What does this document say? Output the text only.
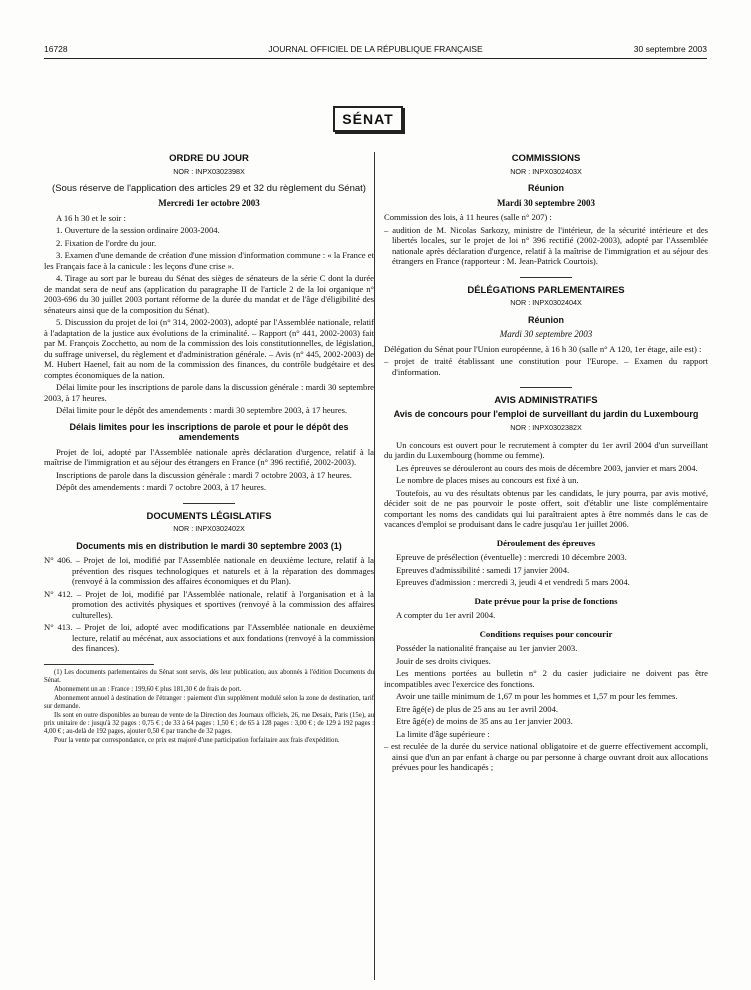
16728	JOURNAL OFFICIEL DE LA RÉPUBLIQUE FRANÇAISE	30 septembre 2003
SÉNAT
ORDRE DU JOUR
NOR : INPX0302398X
(Sous réserve de l'application des articles 29 et 32 du règlement du Sénat)
Mercredi 1er octobre 2003

A 16 h 30 et le soir :

1. Ouverture de la session ordinaire 2003-2004.

2. Fixation de l'ordre du jour.

3. Examen d'une demande de création d'une mission d'information commune : « la France et les Français face à la canicule : les leçons d'une crise ».

4. Tirage au sort par le bureau du Sénat des sièges de sénateurs de la série C dont la durée de mandat sera de neuf ans (application du paragraphe II de l'article 2 de la loi organique n° 2003-696 du 30 juillet 2003 portant réforme de la durée du mandat et de l'âge d'éligibilité des sénateurs ainsi que de la composition du Sénat).

5. Discussion du projet de loi (n° 314, 2002-2003), adopté par l'Assemblée nationale, relatif à l'adaptation de la justice aux évolutions de la criminalité. – Rapport (n° 441, 2002-2003) fait par M. François Zocchetto, au nom de la commission des lois constitutionnelles, de législation, du suffrage universel, du règlement et d'administration générale. – Avis (n° 445, 2002-2003) de M. Hubert Haenel, fait au nom de la commission des finances, du contrôle budgétaire et des comptes économiques de la nation.

Délai limite pour les inscriptions de parole dans la discussion générale : mardi 30 septembre 2003, à 17 heures.

Délai limite pour le dépôt des amendements : mardi 30 septembre 2003, à 17 heures.

Délais limites pour les inscriptions de parole et pour le dépôt des amendements

Projet de loi, adopté par l'Assemblée nationale après déclaration d'urgence, relatif à la maîtrise de l'immigration et au séjour des étrangers en France (n° 396 rectifié, 2002-2003).

Inscriptions de parole dans la discussion générale : mardi 7 octobre 2003, à 17 heures.

Dépôt des amendements : mardi 7 octobre 2003, à 17 heures.

DOCUMENTS LÉGISLATIFS
NOR : INPX0302402X
Documents mis en distribution le mardi 30 septembre 2003 (1)

N° 406. – Projet de loi, modifié par l'Assemblée nationale en deuxième lecture, relatif à la prévention des risques technologiques et naturels et à la réparation des dommages (renvoyé à la commission des affaires économiques et du Plan).

N° 412. – Projet de loi, modifié par l'Assemblée nationale, relatif à l'organisation et à la promotion des activités physiques et sportives (renvoyé à la commission des affaires culturelles).

N° 413. – Projet de loi, adopté avec modifications par l'Assemblée nationale en deuxième lecture, relatif au mécénat, aux associations et aux fondations (renvoyé à la commission des finances).

(1) Les documents parlementaires du Sénat sont servis, dès leur publication, aux abonnés à l'édition Documents du Sénat.

Abonnement un an : France : 199,60 € plus 181,30 € de frais de port.

Abonnement annuel à destination de l'étranger : paiement d'un supplément modulé selon la zone de destination, tarif sur demande.

Ils sont en outre disponibles au bureau de vente de la Direction des Journaux officiels, 26, rue Desaix, Paris (15e), au prix unitaire de : jusqu'à 32 pages : 0,75 € ; de 33 à 64 pages : 1,50 € ; de 65 à 128 pages : 3,00 € ; de 129 à 192 pages : 4,00 € ; au-delà de 192 pages, ajouter 0,50 € par tranche de 32 pages.

Pour la vente par correspondance, ce prix est majoré d'une participation forfaitaire aux frais d'expédition.

COMMISSIONS
NOR : INPX0302403X
Réunion
Mardi 30 septembre 2003

Commission des lois, à 11 heures (salle n° 207) :

– audition de M. Nicolas Sarkozy, ministre de l'intérieur, de la sécurité intérieure et des libertés locales, sur le projet de loi n° 396 rectifié (2002-2003), adopté par l'Assemblée nationale après déclaration d'urgence, relatif à la maîtrise de l'immigration et au séjour des étrangers en France (rapporteur : M. Jean-Patrick Courtois).

DÉLÉGATIONS PARLEMENTAIRES
NOR : INPX0302404X
Réunion
Mardi 30 septembre 2003

Délégation du Sénat pour l'Union européenne, à 16 h 30 (salle n° A 120, 1er étage, aile est) :

– projet de traité établissant une constitution pour l'Europe. – Examen du rapport d'information.

AVIS ADMINISTRATIFS
Avis de concours pour l'emploi de surveillant du jardin du Luxembourg
NOR : INPX0302382X

Un concours est ouvert pour le recrutement à compter du 1er avril 2004 d'un surveillant du jardin du Luxembourg (homme ou femme).

Les épreuves se dérouleront au cours des mois de décembre 2003, janvier et mars 2004.

Le nombre de places mises au concours est fixé à un.

Toutefois, au vu des résultats obtenus par les candidats, le jury pourra, par avis motivé, décider soit de ne pas pourvoir le poste offert, soit d'établir une liste complémentaire comportant les noms des candidats qui lui paraîtraient aptes à être nommés dans le cas de vacances d'emploi se produisant dans le cadre jusqu'au 1er juillet 2006.

Déroulement des épreuves

Epreuve de présélection (éventuelle) : mercredi 10 décembre 2003.

Epreuves d'admissibilité : samedi 17 janvier 2004.

Epreuves d'admission : mercredi 3, jeudi 4 et vendredi 5 mars 2004.

Date prévue pour la prise de fonctions

A compter du 1er avril 2004.

Conditions requises pour concourir

Posséder la nationalité française au 1er janvier 2003.

Jouir de ses droits civiques.

Les mentions portées au bulletin n° 2 du casier judiciaire ne doivent pas être incompatibles avec l'exercice des fonctions.

Avoir une taille minimum de 1,67 m pour les hommes et 1,57 m pour les femmes.

Etre âgé(e) de plus de 25 ans au 1er avril 2004.

Etre âgé(e) de moins de 35 ans au 1er janvier 2003.

La limite d'âge supérieure :

– est reculée de la durée du service national obligatoire et de guerre effectivement accompli, ainsi que d'un an par enfant à charge ou par personne à charge ouvrant droit aux allocations prévues pour les handicapés ;
